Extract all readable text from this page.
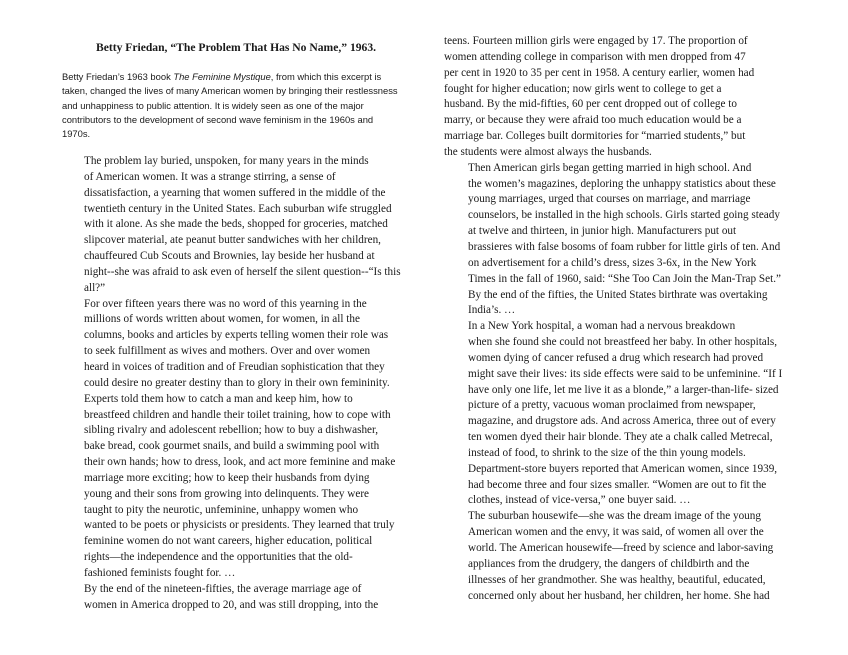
Betty Friedan, “The Problem That Has No Name,” 1963.

Betty Friedan’s 1963 book The Feminine Mystique, from which this excerpt is taken, changed the lives of many American women by bringing their restlessness and unhappiness to public attention. It is widely seen as one of the major contributors to the development of second wave feminism in the 1960s and 1970s.

The problem lay buried, unspoken, for many years in the minds
of American women. It was a strange stirring, a sense of
dissatisfaction, a yearning that women suffered in the middle of the
twentieth century in the United States. Each suburban wife struggled
with it alone. As she made the beds, shopped for groceries, matched
slipcover material, ate peanut butter sandwiches with her children,
chauffeured Cub Scouts and Brownies, lay beside her husband at
night--she was afraid to ask even of herself the silent question--“Is this
all?”

For over fifteen years there was no word of this yearning in the
millions of words written about women, for women, in all the
columns, books and articles by experts telling women their role was
to seek fulfillment as wives and mothers. Over and over women
heard in voices of tradition and of Freudian sophistication that they
could desire no greater destiny than to glory in their own femininity.
Experts told them how to catch a man and keep him, how to
breastfeed children and handle their toilet training, how to cope with
sibling rivalry and adolescent rebellion; how to buy a dishwasher,
bake bread, cook gourmet snails, and build a swimming pool with
their own hands; how to dress, look, and act more feminine and make
marriage more exciting; how to keep their husbands from dying
young and their sons from growing into delinquents. They were
taught to pity the neurotic, unfeminine, unhappy women who
wanted to be poets or physicists or presidents. They learned that truly
feminine women do not want careers, higher education, political
rights—the independence and the opportunities that the old-
fashioned feminists fought for. …

By the end of the nineteen-fifties, the average marriage age of
women in America dropped to 20, and was still dropping, into the

teens. Fourteen million girls were engaged by 17. The proportion of
women attending college in comparison with men dropped from 47
per cent in 1920 to 35 per cent in 1958. A century earlier, women had
fought for higher education; now girls went to college to get a
husband. By the mid-fifties, 60 per cent dropped out of college to
marry, or because they were afraid too much education would be a
marriage bar. Colleges built dormitories for “married students,” but
the students were almost always the husbands.

Then American girls began getting married in high school. And
the women’s magazines, deploring the unhappy statistics about these
young marriages, urged that courses on marriage, and marriage
counselors, be installed in the high schools. Girls started going steady
at twelve and thirteen, in junior high. Manufacturers put out
brassieres with false bosoms of foam rubber for little girls of ten. And
on advertisement for a child’s dress, sizes 3-6x, in the New York
Times in the fall of 1960, said: “She Too Can Join the Man-Trap Set.”
By the end of the fifties, the United States birthrate was overtaking
India’s. …

In a New York hospital, a woman had a nervous breakdown
when she found she could not breastfeed her baby. In other hospitals,
women dying of cancer refused a drug which research had proved
might save their lives: its side effects were said to be unfeminine. “If I
have only one life, let me live it as a blonde,” a larger-than-life- sized
picture of a pretty, vacuous woman proclaimed from newspaper,
magazine, and drugstore ads. And across America, three out of every
ten women dyed their hair blonde. They ate a chalk called Metrecal,
instead of food, to shrink to the size of the thin young models.
Department-store buyers reported that American women, since 1939,
had become three and four sizes smaller. “Women are out to fit the
clothes, instead of vice-versa,” one buyer said. …

The suburban housewife—she was the dream image of the young
American women and the envy, it was said, of women all over the
world. The American housewife—freed by science and labor-saving
appliances from the drudgery, the dangers of childbirth and the
illnesses of her grandmother. She was healthy, beautiful, educated,
concerned only about her husband, her children, her home. She had
